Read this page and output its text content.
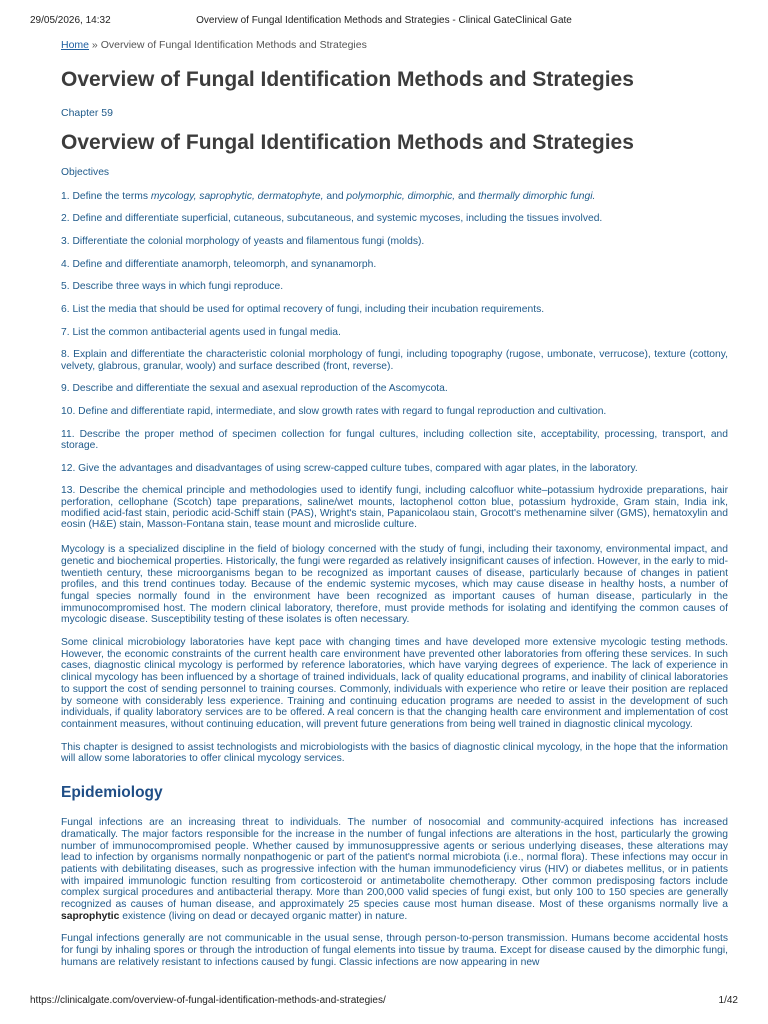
29/05/2026, 14:32	Overview of Fungal Identification Methods and Strategies - Clinical GateClinical Gate
Home » Overview of Fungal Identification Methods and Strategies
Overview of Fungal Identification Methods and Strategies
Chapter 59
Overview of Fungal Identification Methods and Strategies
Objectives
1. Define the terms mycology, saprophytic, dermatophyte, and polymorphic, dimorphic, and thermally dimorphic fungi.
2. Define and differentiate superficial, cutaneous, subcutaneous, and systemic mycoses, including the tissues involved.
3. Differentiate the colonial morphology of yeasts and filamentous fungi (molds).
4. Define and differentiate anamorph, teleomorph, and synanamorph.
5. Describe three ways in which fungi reproduce.
6. List the media that should be used for optimal recovery of fungi, including their incubation requirements.
7. List the common antibacterial agents used in fungal media.
8. Explain and differentiate the characteristic colonial morphology of fungi, including topography (rugose, umbonate, verrucose), texture (cottony, velvety, glabrous, granular, wooly) and surface described (front, reverse).
9. Describe and differentiate the sexual and asexual reproduction of the Ascomycota.
10. Define and differentiate rapid, intermediate, and slow growth rates with regard to fungal reproduction and cultivation.
11. Describe the proper method of specimen collection for fungal cultures, including collection site, acceptability, processing, transport, and storage.
12. Give the advantages and disadvantages of using screw-capped culture tubes, compared with agar plates, in the laboratory.
13. Describe the chemical principle and methodologies used to identify fungi, including calcofluor white–potassium hydroxide preparations, hair perforation, cellophane (Scotch) tape preparations, saline/wet mounts, lactophenol cotton blue, potassium hydroxide, Gram stain, India ink, modified acid-fast stain, periodic acid-Schiff stain (PAS), Wright's stain, Papanicolaou stain, Grocott's methenamine silver (GMS), hematoxylin and eosin (H&E) stain, Masson-Fontana stain, tease mount and microslide culture.

Mycology is a specialized discipline in the field of biology concerned with the study of fungi, including their taxonomy, environmental impact, and genetic and biochemical properties. Historically, the fungi were regarded as relatively insignificant causes of infection. However, in the early to mid-twentieth century, these microorganisms began to be recognized as important causes of disease, particularly because of changes in patient profiles, and this trend continues today. Because of the endemic systemic mycoses, which may cause disease in healthy hosts, a number of fungal species normally found in the environment have been recognized as important causes of human disease, particularly in the immunocompromised host. The modern clinical laboratory, therefore, must provide methods for isolating and identifying the common causes of mycologic disease. Susceptibility testing of these isolates is often necessary.

Some clinical microbiology laboratories have kept pace with changing times and have developed more extensive mycologic testing methods. However, the economic constraints of the current health care environment have prevented other laboratories from offering these services. In such cases, diagnostic clinical mycology is performed by reference laboratories, which have varying degrees of experience. The lack of experience in clinical mycology has been influenced by a shortage of trained individuals, lack of quality educational programs, and inability of clinical laboratories to support the cost of sending personnel to training courses. Commonly, individuals with experience who retire or leave their position are replaced by someone with considerably less experience. Training and continuing education programs are needed to assist in the development of such individuals, if quality laboratory services are to be offered. A real concern is that the changing health care environment and implementation of cost containment measures, without continuing education, will prevent future generations from being well trained in diagnostic clinical mycology.

This chapter is designed to assist technologists and microbiologists with the basics of diagnostic clinical mycology, in the hope that the information will allow some laboratories to offer clinical mycology services.

Epidemiology

Fungal infections are an increasing threat to individuals. The number of nosocomial and community-acquired infections has increased dramatically. The major factors responsible for the increase in the number of fungal infections are alterations in the host, particularly the growing number of immunocompromised people. Whether caused by immunosuppressive agents or serious underlying diseases, these alterations may lead to infection by organisms normally nonpathogenic or part of the patient's normal microbiota (i.e., normal flora). These infections may occur in patients with debilitating diseases, such as progressive infection with the human immunodeficiency virus (HIV) or diabetes mellitus, or in patients with impaired immunologic function resulting from corticosteroid or antimetabolite chemotherapy. Other common predisposing factors include complex surgical procedures and antibacterial therapy. More than 200,000 valid species of fungi exist, but only 100 to 150 species are generally recognized as causes of human disease, and approximately 25 species cause most human disease. Most of these organisms normally live a saprophytic existence (living on dead or decayed organic matter) in nature.

Fungal infections generally are not communicable in the usual sense, through person-to-person transmission. Humans become accidental hosts for fungi by inhaling spores or through the introduction of fungal elements into tissue by trauma. Except for disease caused by the dimorphic fungi, humans are relatively resistant to infections caused by fungi. Classic infections are now appearing in new

https://clinicalgate.com/overview-of-fungal-identification-methods-and-strategies/	1/42
